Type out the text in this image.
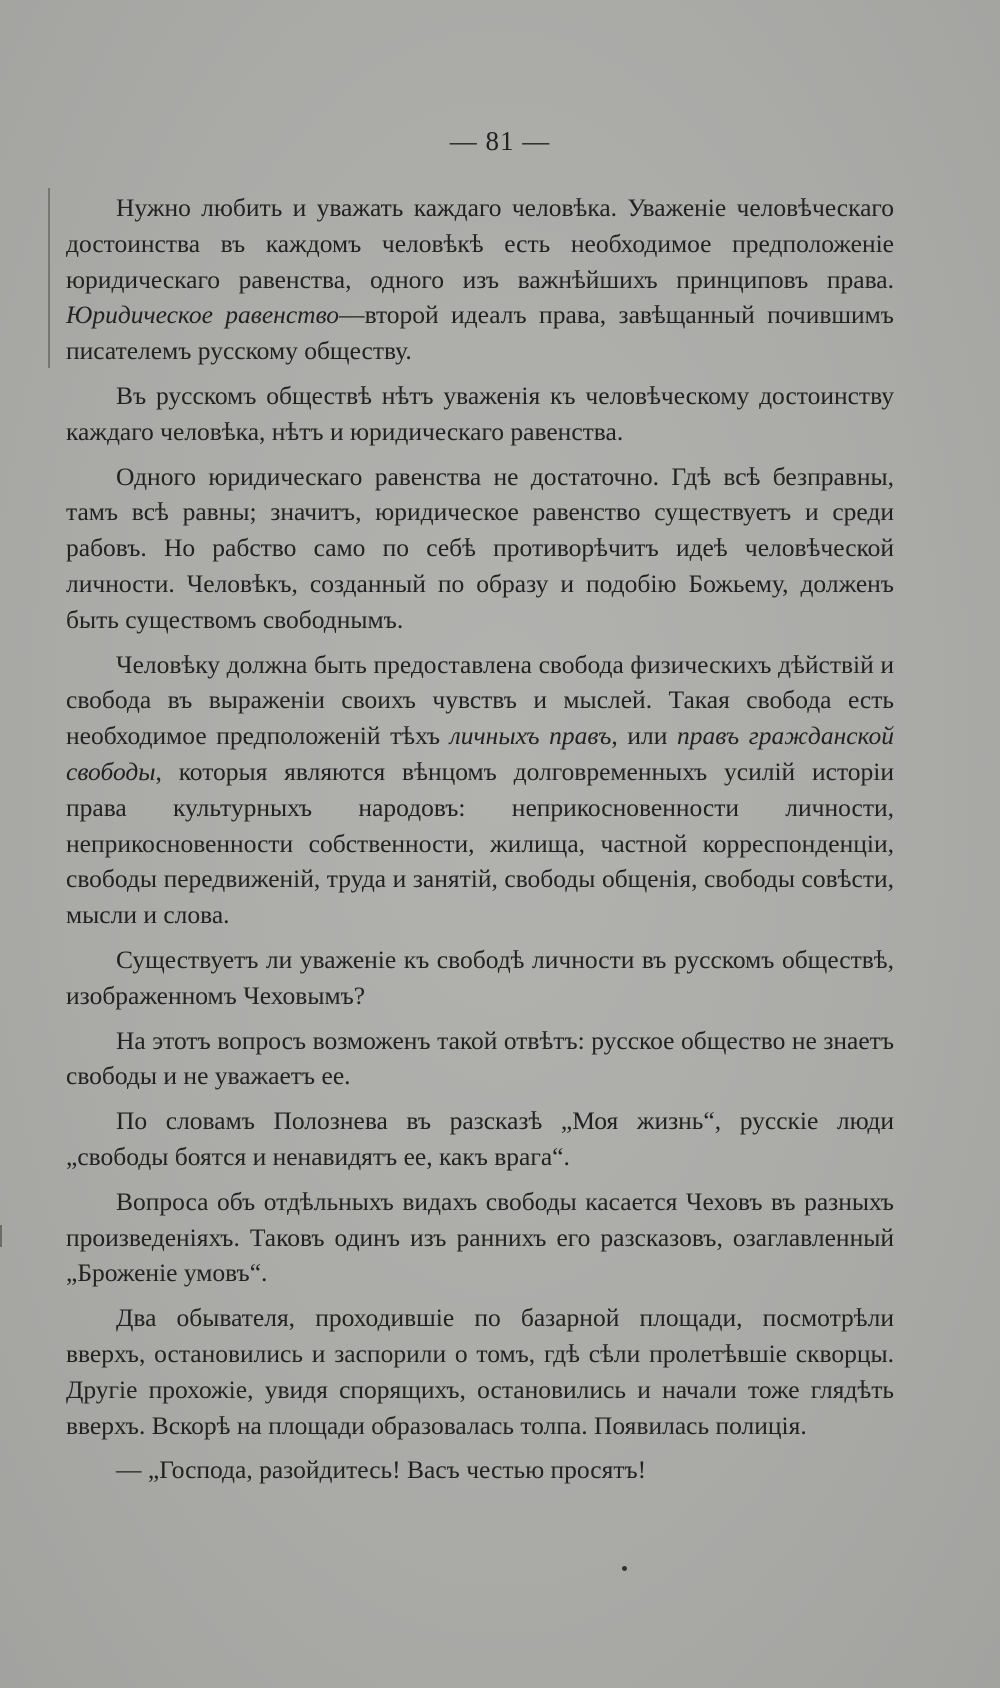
— 81 —

Нужно любить и уважать каждаго человѣка. Уваженіе человѣческаго достоинства въ каждомъ человѣкѣ есть необходимое предположеніе юридическаго равенства, одного изъ важнѣйшихъ принциповъ права. Юридическое равенство—второй идеалъ права, завѣщанный почившимъ писателемъ русскому обществу.

Въ русскомъ обществѣ нѣтъ уваженія къ человѣческому достоинству каждаго человѣка, нѣтъ и юридическаго равенства.

Одного юридическаго равенства не достаточно. Гдѣ всѣ безправны, тамъ всѣ равны; значитъ, юридическое равенство существуетъ и среди рабовъ. Но рабство само по себѣ противорѣчитъ идеѣ человѣческой личности. Человѣкъ, созданный по образу и подобію Божьему, долженъ быть существомъ свободнымъ.

Человѣку должна быть предоставлена свобода физическихъ дѣйствій и свобода въ выраженіи своихъ чувствъ и мыслей. Такая свобода есть необходимое предположеній тѣхъ личныхъ правъ, или правъ гражданской свободы, которыя являются вѣнцомъ долговременныхъ усилій исторіи права культурныхъ народовъ: неприкосновенности личности, неприкосновенности собственности, жилища, частной корреспонденціи, свободы передвиженій, труда и занятій, свободы общенія, свободы совѣсти, мысли и слова.

Существуетъ ли уваженіе къ свободѣ личности въ русскомъ обществѣ, изображенномъ Чеховымъ?

На этотъ вопросъ возможенъ такой отвѣтъ: русское общество не знаетъ свободы и не уважаетъ ее.

По словамъ Полознева въ разсказѣ „Моя жизнь“, русскіе люди „свободы боятся и ненавидятъ ее, какъ врага“.

Вопроса объ отдѣльныхъ видахъ свободы касается Чеховъ въ разныхъ произведеніяхъ. Таковъ одинъ изъ раннихъ его разсказовъ, озаглавленный „Броженіе умовъ“.

Два обывателя, проходившіе по базарной площади, посмотрѣли вверхъ, остановились и заспорили о томъ, гдѣ сѣли пролетѣвшіе скворцы. Другіе прохожіе, увидя спорящихъ, остановились и начали тоже глядѣть вверхъ. Вскорѣ на площади образовалась толпа. Появилась полиція.

— „Господа, разойдитесь! Васъ честью просятъ!
